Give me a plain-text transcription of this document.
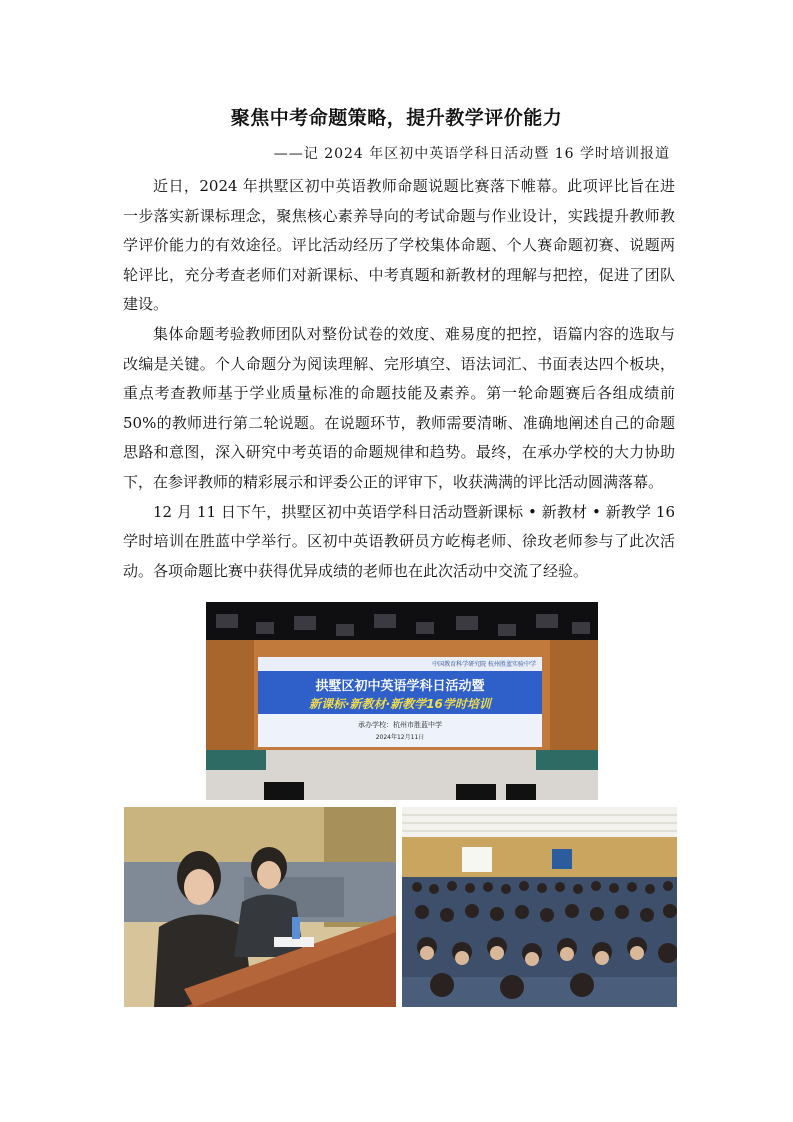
聚焦中考命题策略，提升教学评价能力
——记 2024 年区初中英语学科日活动暨 16 学时培训报道

近日，2024 年拱墅区初中英语教师命题说题比赛落下帷幕。此项评比旨在进一步落实新课标理念，聚焦核心素养导向的考试命题与作业设计，实践提升教师教学评价能力的有效途径。评比活动经历了学校集体命题、个人赛命题初赛、说题两轮评比，充分考查老师们对新课标、中考真题和新教材的理解与把控，促进了团队建设。

集体命题考验教师团队对整份试卷的效度、难易度的把控，语篇内容的选取与改编是关键。个人命题分为阅读理解、完形填空、语法词汇、书面表达四个板块，重点考查教师基于学业质量标准的命题技能及素养。第一轮命题赛后各组成绩前 50%的教师进行第二轮说题。在说题环节，教师需要清晰、准确地阐述自己的命题思路和意图，深入研究中考英语的命题规律和趋势。最终，在承办学校的大力协助下，在参评教师的精彩展示和评委公正的评审下，收获满满的评比活动圆满落幕。

12 月 11 日下午，拱墅区初中英语学科日活动暨新课标 • 新教材 • 新教学 16 学时培训在胜蓝中学举行。区初中英语教研员方屹梅老师、徐玫老师参与了此次活动。各项命题比赛中获得优异成绩的老师也在此次活动中交流了经验。

中国教育科学研究院 杭州胜蓝实验中学
拱墅区初中英语学科日活动暨
新课标·新教材·新教学16学时培训
承办学校：杭州市胜蓝中学
2024年12月11日
